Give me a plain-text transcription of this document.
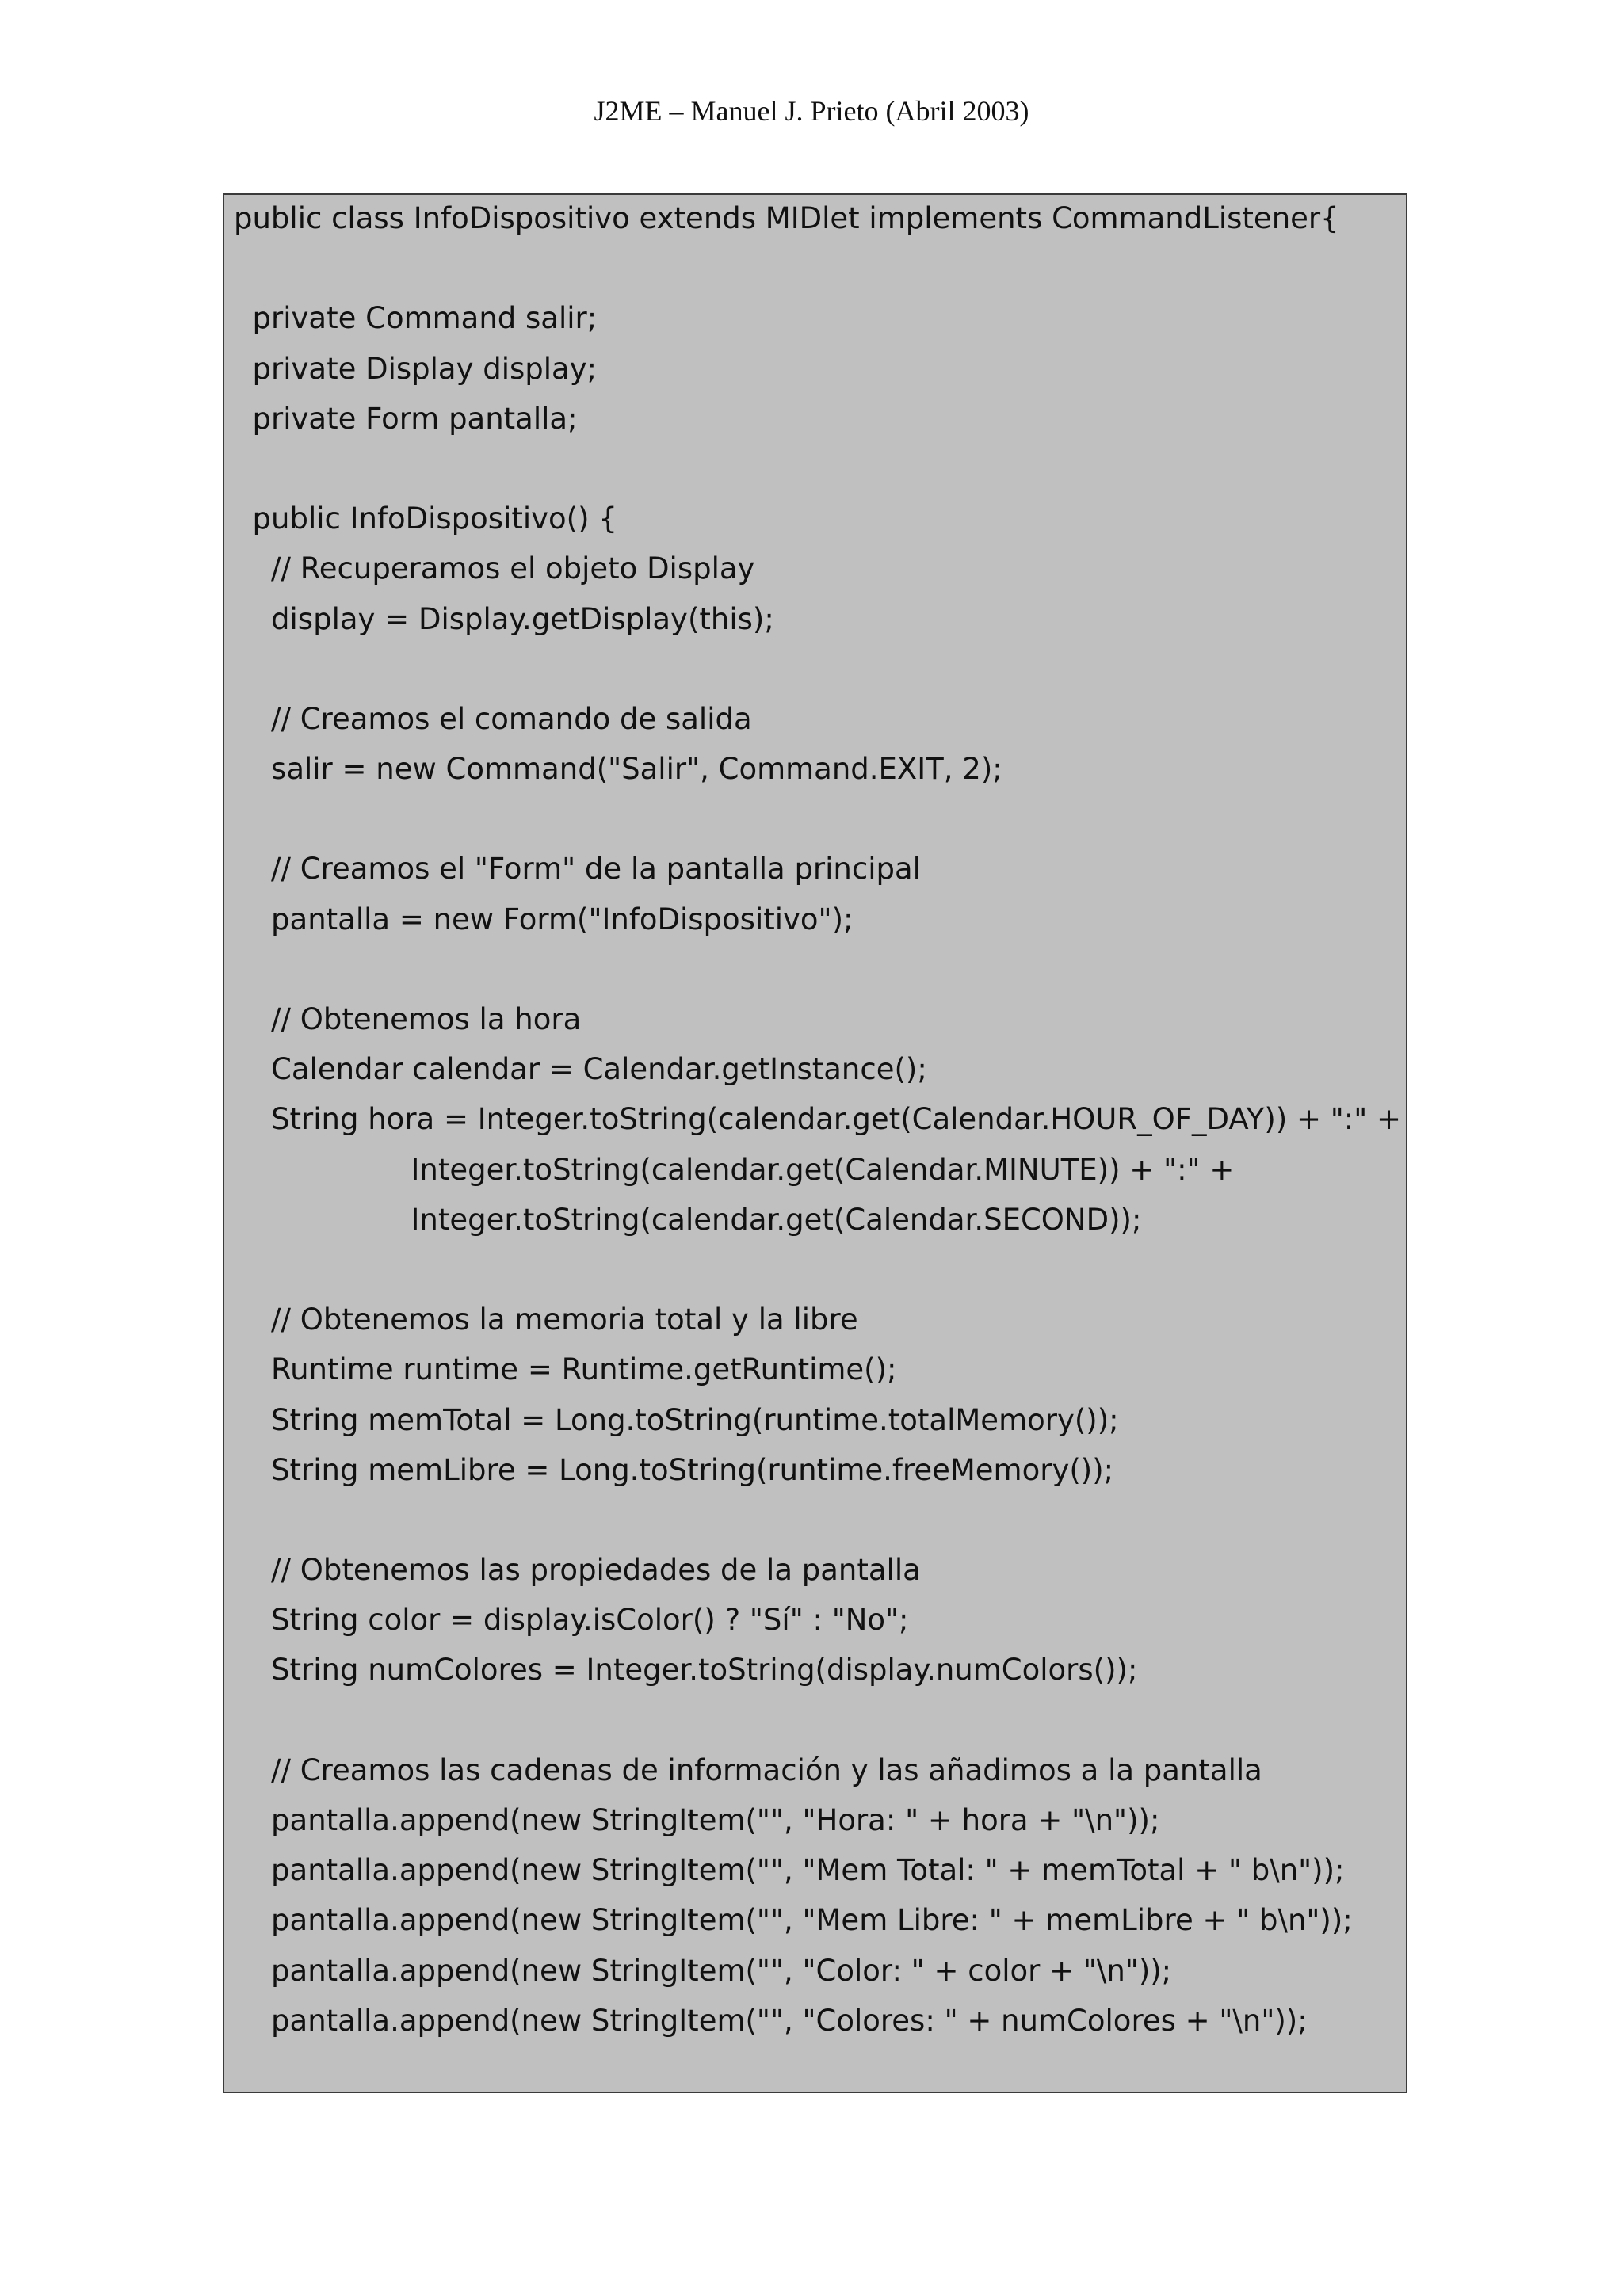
J2ME – Manuel J. Prieto (Abril 2003)
public class InfoDispositivo extends MIDlet implements CommandListener{
private Command salir;
private Display display;
private Form pantalla;
public InfoDispositivo() {
// Recuperamos el objeto Display
display = Display.getDisplay(this);
// Creamos el comando de salida
salir = new Command("Salir", Command.EXIT, 2);
// Creamos el "Form" de la pantalla principal
pantalla = new Form("InfoDispositivo");
// Obtenemos la hora
Calendar calendar = Calendar.getInstance();
String hora = Integer.toString(calendar.get(Calendar.HOUR_OF_DAY)) + ":" +
Integer.toString(calendar.get(Calendar.MINUTE)) + ":" +
Integer.toString(calendar.get(Calendar.SECOND));
// Obtenemos la memoria total y la libre
Runtime runtime = Runtime.getRuntime();
String memTotal = Long.toString(runtime.totalMemory());
String memLibre = Long.toString(runtime.freeMemory());
// Obtenemos las propiedades de la pantalla
String color = display.isColor() ? "Sí" : "No";
String numColores = Integer.toString(display.numColors());
// Creamos las cadenas de información y las añadimos a la pantalla
pantalla.append(new StringItem("", "Hora: " + hora + "\n"));
pantalla.append(new StringItem("", "Mem Total: " + memTotal + " b\n"));
pantalla.append(new StringItem("", "Mem Libre: " + memLibre + " b\n"));
pantalla.append(new StringItem("", "Color: " + color + "\n"));
pantalla.append(new StringItem("", "Colores: " + numColores + "\n"));
